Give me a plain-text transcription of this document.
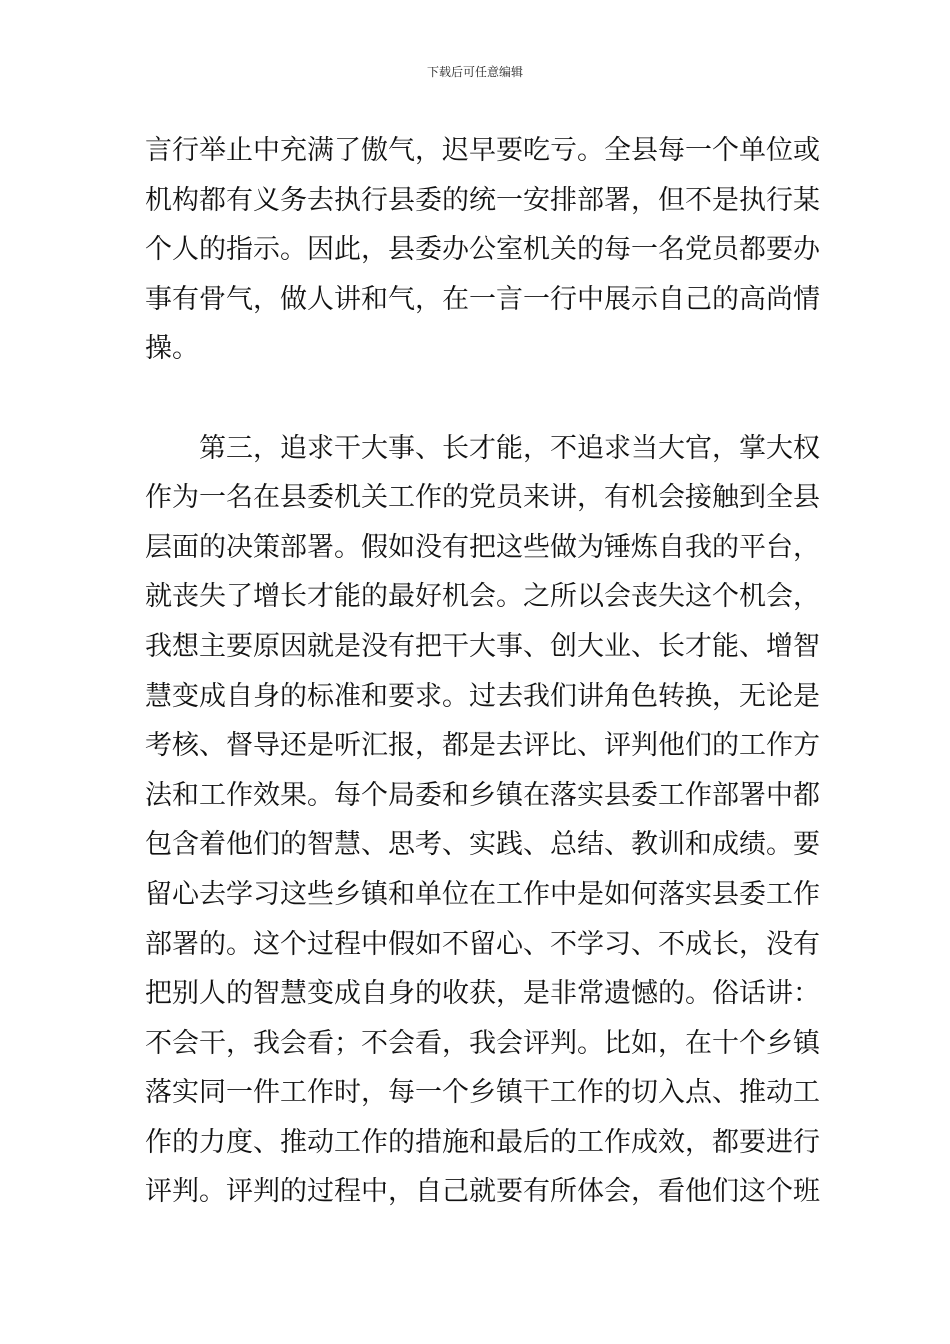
下载后可任意编辑
言行举止中充满了傲气，迟早要吃亏。全县每一个单位或
机构都有义务去执行县委的统一安排部署，但不是执行某
个人的指示。因此，县委办公室机关的每一名党员都要办
事有骨气，做人讲和气，在一言一行中展示自己的高尚情
操。
　　第三，追求干大事、长才能，不追求当大官，掌大权
作为一名在县委机关工作的党员来讲，有机会接触到全县
层面的决策部署。假如没有把这些做为锤炼自我的平台，
就丧失了增长才能的最好机会。之所以会丧失这个机会，
我想主要原因就是没有把干大事、创大业、长才能、增智
慧变成自身的标准和要求。过去我们讲角色转换，无论是
考核、督导还是听汇报，都是去评比、评判他们的工作方
法和工作效果。每个局委和乡镇在落实县委工作部署中都
包含着他们的智慧、思考、实践、总结、教训和成绩。要
留心去学习这些乡镇和单位在工作中是如何落实县委工作
部署的。这个过程中假如不留心、不学习、不成长，没有
把别人的智慧变成自身的收获，是非常遗憾的。俗话讲：
不会干，我会看；不会看，我会评判。比如，在十个乡镇
落实同一件工作时，每一个乡镇干工作的切入点、推动工
作的力度、推动工作的措施和最后的工作成效，都要进行
评判。评判的过程中，自己就要有所体会，看他们这个班
